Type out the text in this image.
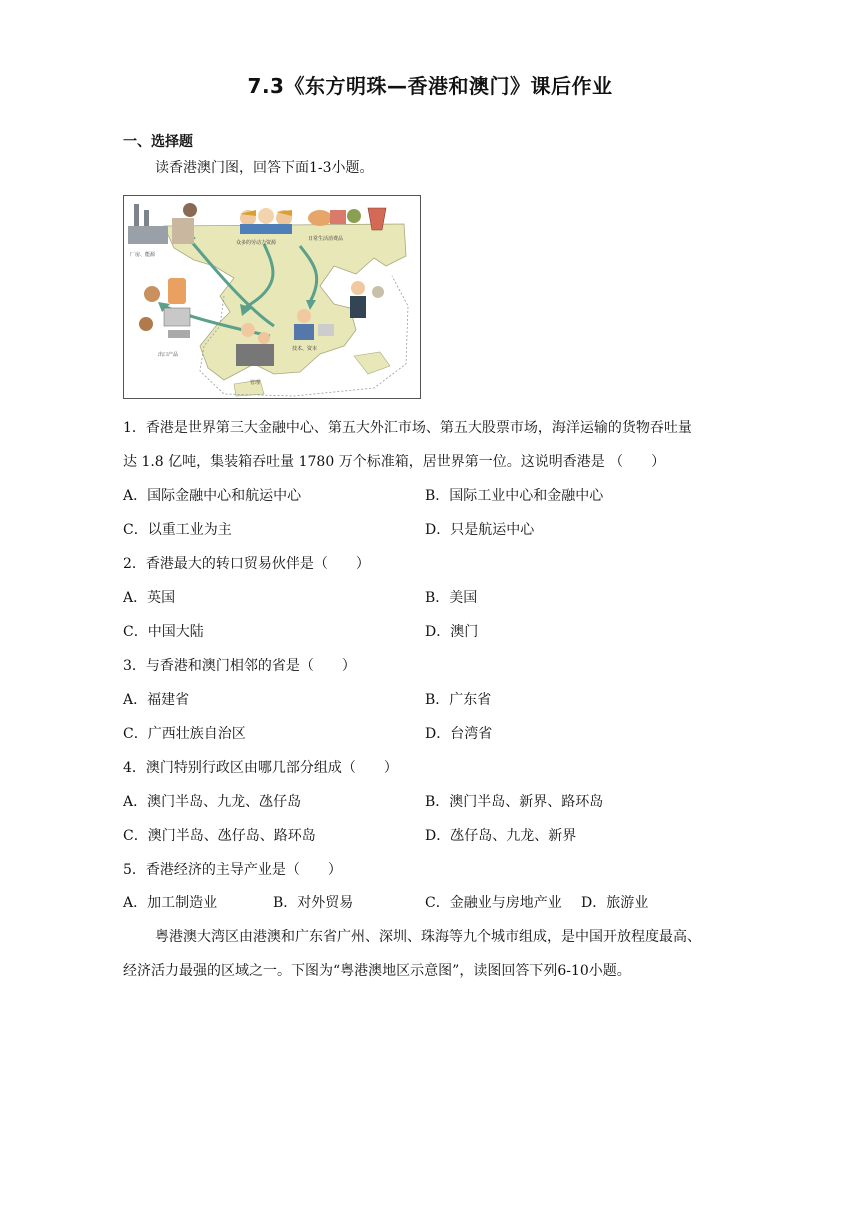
7.3《东方明珠—香港和澳门》课后作业
一、选择题
读香港澳门图，回答下面1-3小题。
厂房、能源
众多的劳动力资源
日常生活消费品
出口产品
技术、资本
管理
1．香港是世界第三大金融中心、第五大外汇市场、第五大股票市场，海洋运输的货物吞吐量
达 1.8 亿吨，集装箱吞吐量 1780 万个标准箱，居世界第一位。这说明香港是 （　　）
A．国际金融中心和航运中心	B．国际工业中心和金融中心
C．以重工业为主	D．只是航运中心
2．香港最大的转口贸易伙伴是（　　）
A．英国	B．美国
C．中国大陆	D．澳门
3．与香港和澳门相邻的省是（　　）
A．福建省	B．广东省
C．广西壮族自治区	D．台湾省
4．澳门特别行政区由哪几部分组成（　　）
A．澳门半岛、九龙、氹仔岛	B．澳门半岛、新界、路环岛
C．澳门半岛、氹仔岛、路环岛	D．氹仔岛、九龙、新界
5．香港经济的主导产业是（　　）
A．加工制造业	B．对外贸易	C．金融业与房地产业 D．旅游业
粤港澳大湾区由港澳和广东省广州、深圳、珠海等九个城市组成，是中国开放程度最高、
经济活力最强的区域之一。下图为“粤港澳地区示意图”，读图回答下列6-10小题。
